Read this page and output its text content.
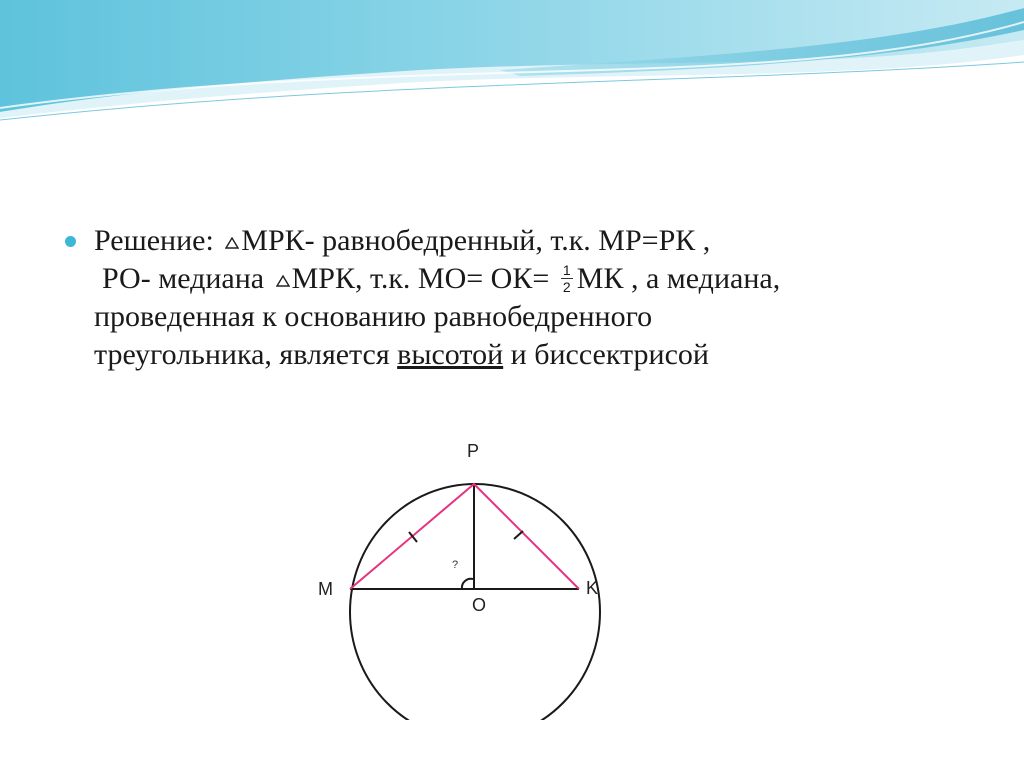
Решение: МРК- равнобедренный, т.к. МР=РК ,
РО- медиана МРК, т.к. $МО= ОК= \frac{1}{2}$ МК , а медиана,
проведенная к основанию равнобедренного
треугольника, является высотой и биссектрисой
P
M	K
O
?
